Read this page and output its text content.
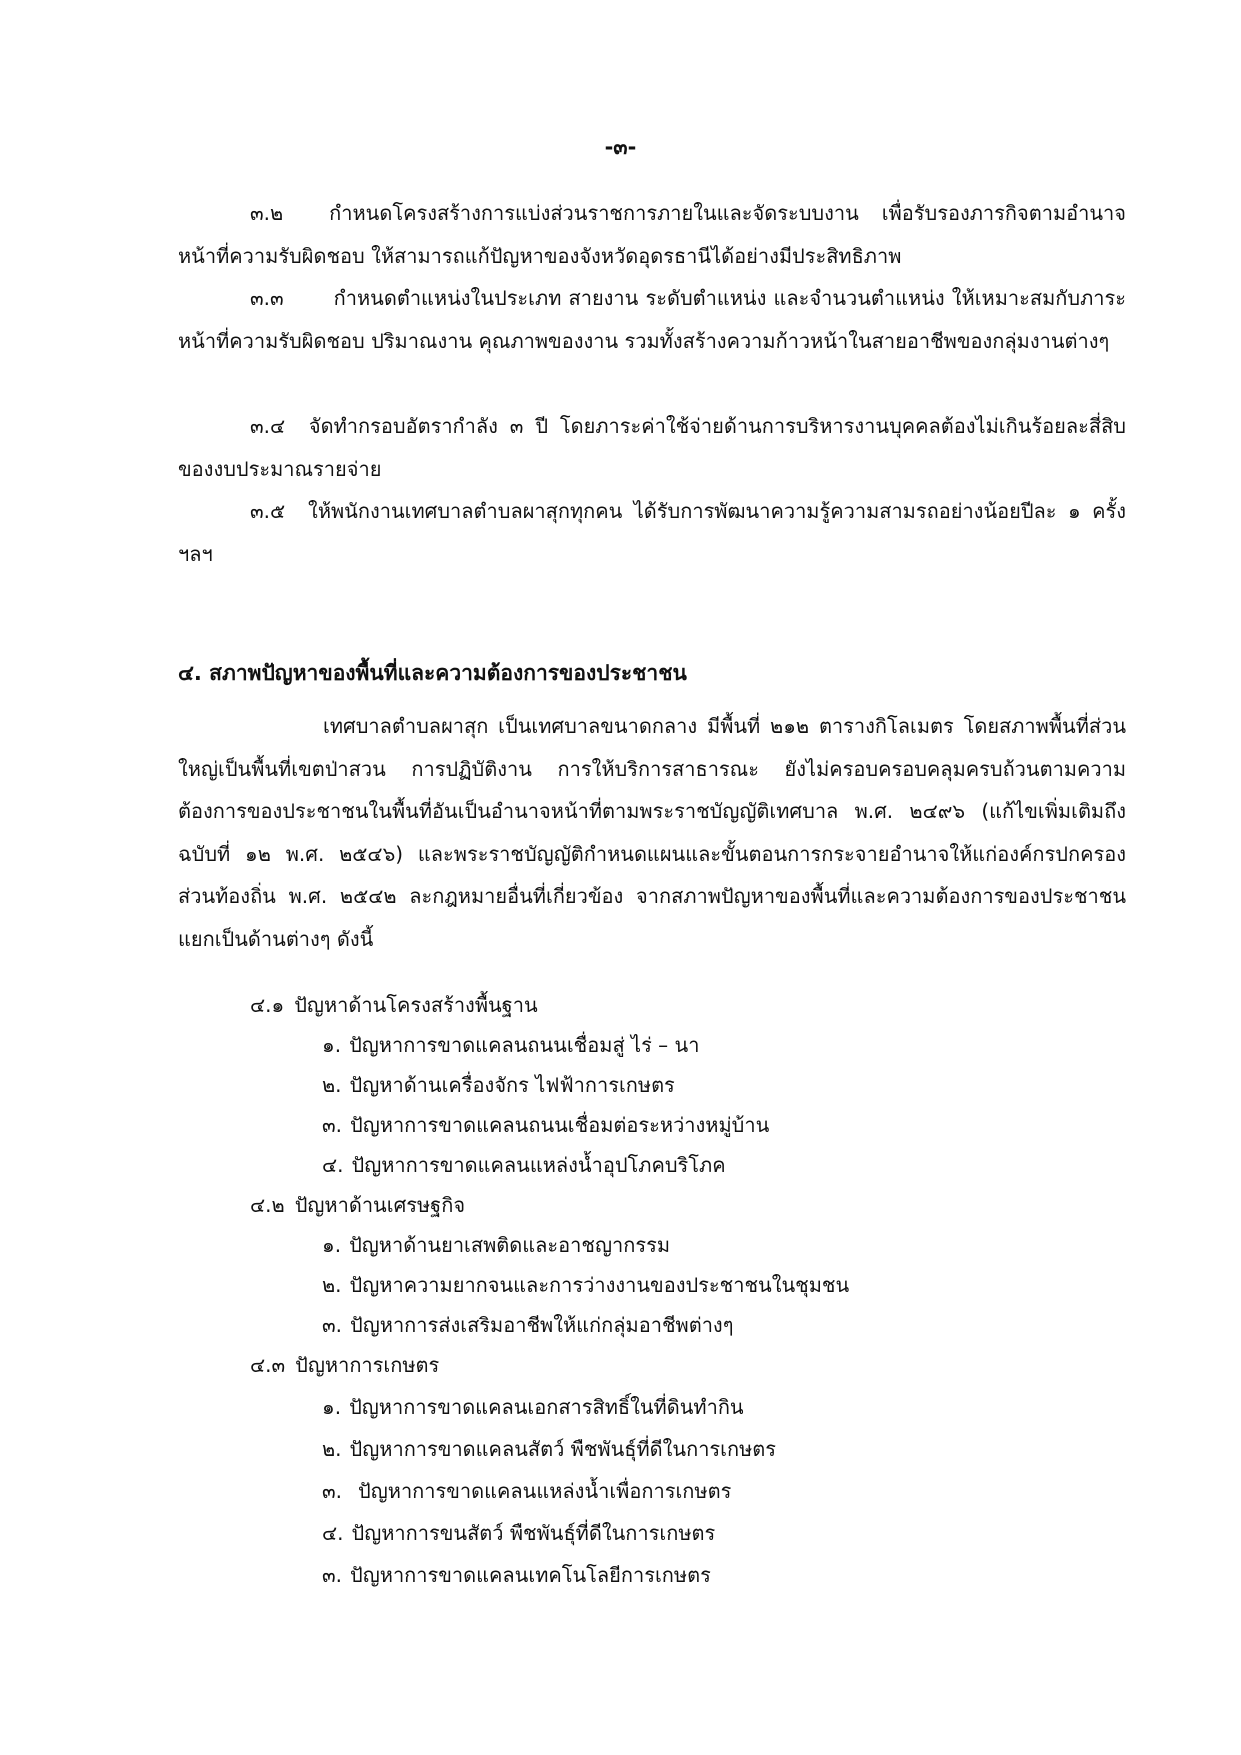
-๓-
๓.๒ กำหนดโครงสร้างการแบ่งส่วนราชการภายในและจัดระบบงาน เพื่อรับรองภารกิจตามอำนาจหน้าที่ความรับผิดชอบ ให้สามารถแก้ปัญหาของจังหวัดอุดรธานีได้อย่างมีประสิทธิภาพ
๓.๓ กำหนดตำแหน่งในประเภท สายงาน ระดับตำแหน่ง และจำนวนตำแหน่ง ให้เหมาะสมกับภาระหน้าที่ความรับผิดชอบ ปริมาณงาน คุณภาพของงาน รวมทั้งสร้างความก้าวหน้าในสายอาชีพของกลุ่มงานต่างๆ
๓.๔ จัดทำกรอบอัตรากำลัง ๓ ปี โดยภาระค่าใช้จ่ายด้านการบริหารงานบุคคลต้องไม่เกินร้อยละสี่สิบของงบประมาณรายจ่าย
๓.๕ ให้พนักงานเทศบาลตำบลผาสุกทุกคน ได้รับการพัฒนาความรู้ความสามรถอย่างน้อยปีละ ๑ ครั้ง ฯลฯ
๔. สภาพปัญหาของพื้นที่และความต้องการของประชาชน
เทศบาลตำบลผาสุก เป็นเทศบาลขนาดกลาง มีพื้นที่ ๒๑๒ ตารางกิโลเมตร โดยสภาพพื้นที่ส่วนใหญ่เป็นพื้นที่เขตป่าสวน การปฏิบัติงาน การให้บริการสาธารณะ ยังไม่ครอบครอบคลุมครบถ้วนตามความต้องการของประชาชนในพื้นที่อันเป็นอำนาจหน้าที่ตามพระราชบัญญัติเทศบาล พ.ศ. ๒๔๙๖ (แก้ไขเพิ่มเติมถึงฉบับที่ ๑๒ พ.ศ. ๒๕๔๖) และพระราชบัญญัติกำหนดแผนและขั้นตอนการกระจายอำนาจให้แก่องค์กรปกครองส่วนท้องถิ่น พ.ศ. ๒๕๔๒ ละกฎหมายอื่นที่เกี่ยวข้อง จากสภาพปัญหาของพื้นที่และความต้องการของประชาชน แยกเป็นด้านต่างๆ ดังนี้
๔.๑ ปัญหาด้านโครงสร้างพื้นฐาน
๑. ปัญหาการขาดแคลนถนนเชื่อมสู่ ไร่ – นา
๒. ปัญหาด้านเครื่องจักร ไฟฟ้าการเกษตร
๓. ปัญหาการขาดแคลนถนนเชื่อมต่อระหว่างหมู่บ้าน
๔. ปัญหาการขาดแคลนแหล่งน้ำอุปโภคบริโภค
๔.๒ ปัญหาด้านเศรษฐกิจ
๑. ปัญหาด้านยาเสพติดและอาชญากรรม
๒. ปัญหาความยากจนและการว่างงานของประชาชนในชุมชน
๓. ปัญหาการส่งเสริมอาชีพให้แก่กลุ่มอาชีพต่างๆ
๔.๓ ปัญหาการเกษตร
๑. ปัญหาการขาดแคลนเอกสารสิทธิ์ในที่ดินทำกิน
๒. ปัญหาการขาดแคลนสัตว์ พืชพันธุ์ที่ดีในการเกษตร
๓. ปัญหาการขาดแคลนแหล่งน้ำเพื่อการเกษตร
๔. ปัญหาการขนสัตว์ พืชพันธุ์ที่ดีในการเกษตร
๓. ปัญหาการขาดแคลนเทคโนโลยีการเกษตร
